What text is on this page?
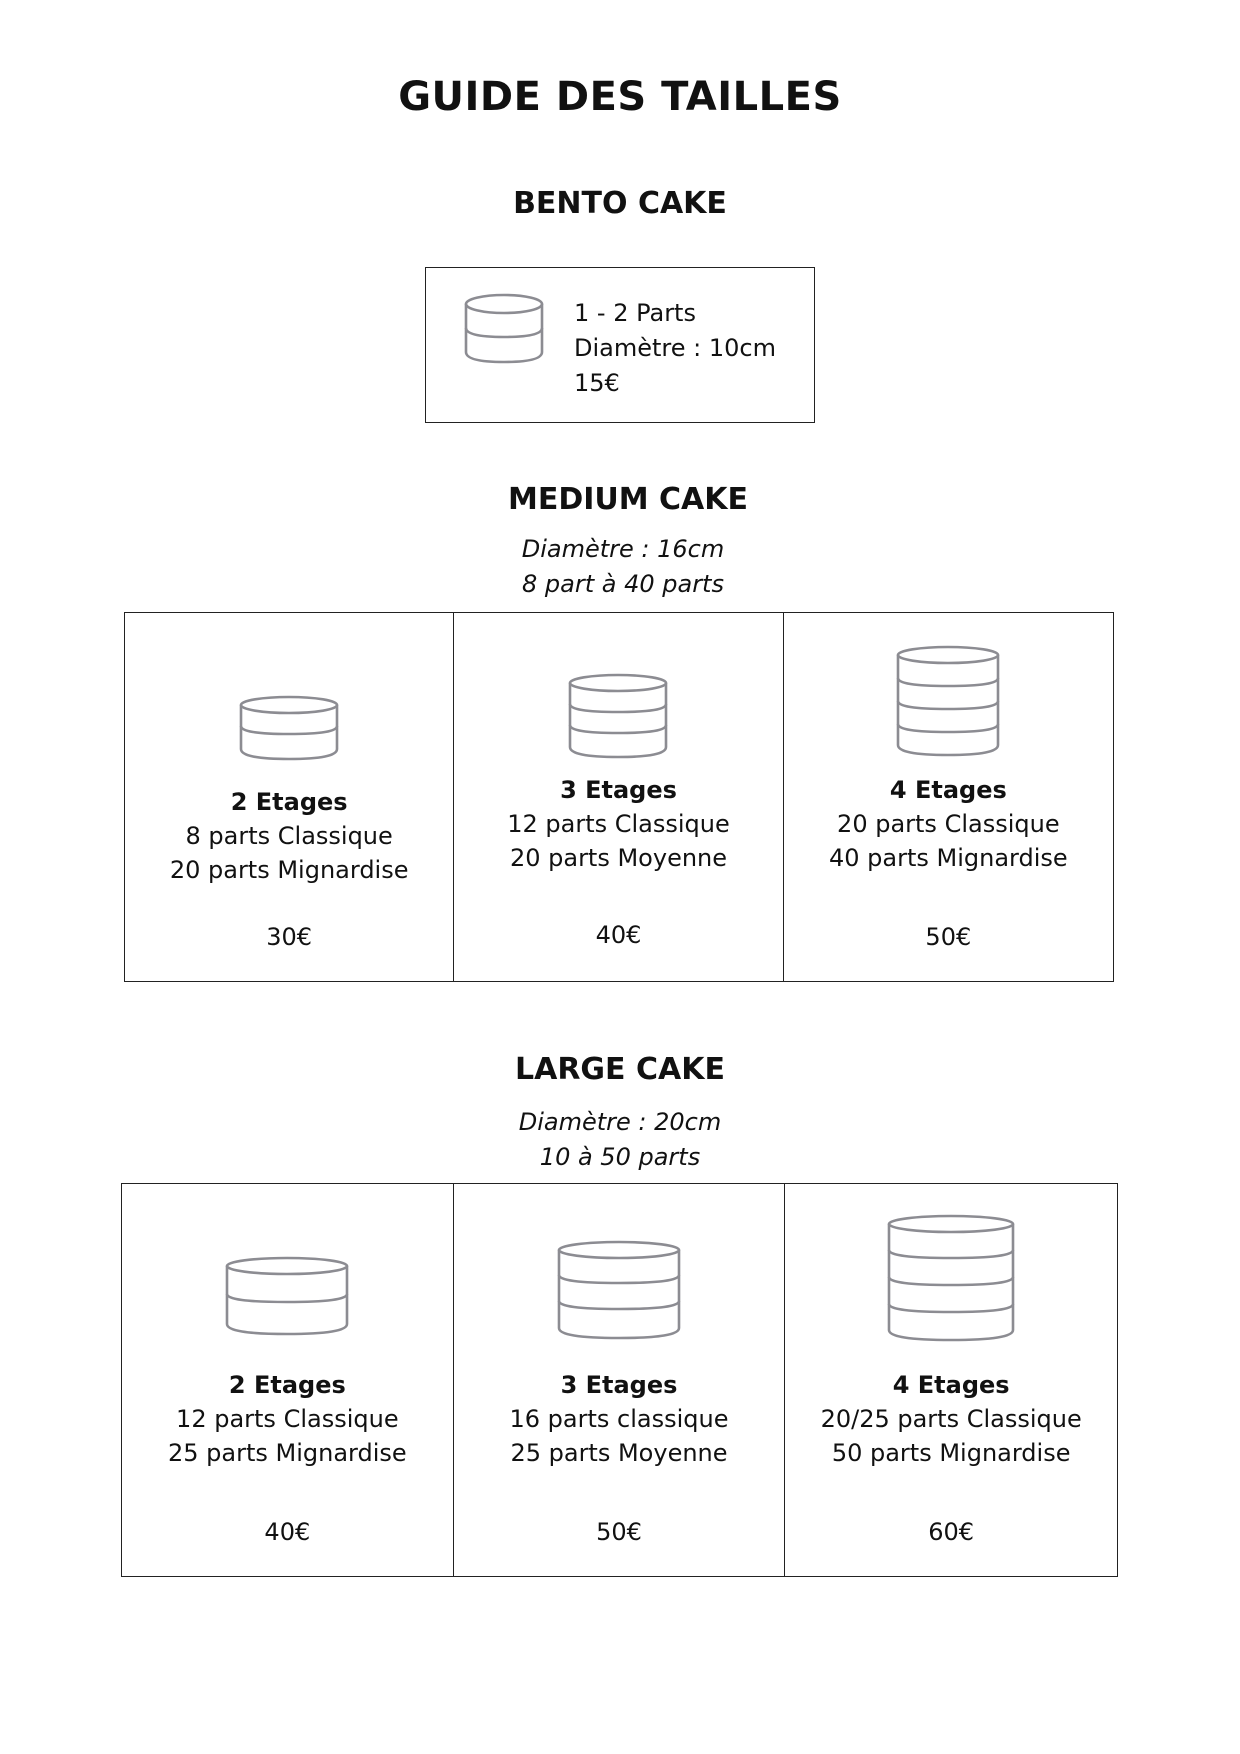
GUIDE DES TAILLES
BENTO CAKE
1 - 2 Parts
Diamètre : 10cm
15€
MEDIUM CAKE
Diamètre : 16cm
8 part à 40 parts
2 Etages
8 parts Classique
20 parts Mignardise
30€
3 Etages
12 parts Classique
20 parts Moyenne
40€
4 Etages
20 parts Classique
40 parts Mignardise
50€
LARGE CAKE
Diamètre : 20cm
10 à 50 parts
2 Etages
12 parts Classique
25 parts Mignardise
40€
3 Etages
16 parts classique
25 parts Moyenne
50€
4 Etages
20/25 parts Classique
50 parts Mignardise
60€
